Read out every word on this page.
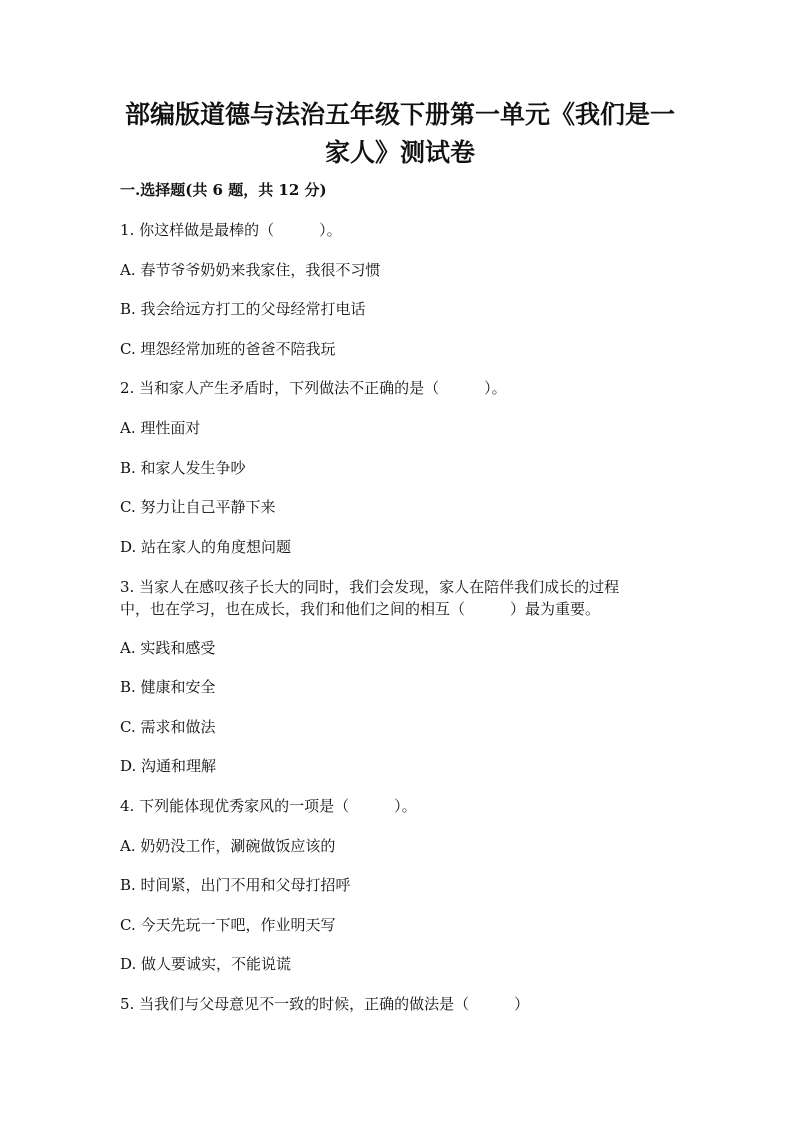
部编版道德与法治五年级下册第一单元《我们是一
家人》测试卷

一.选择题(共 6 题，共 12 分)

1. 你这样做是最棒的（　　　）。

A. 春节爷爷奶奶来我家住，我很不习惯

B. 我会给远方打工的父母经常打电话

C. 埋怨经常加班的爸爸不陪我玩

2. 当和家人产生矛盾时，下列做法不正确的是（　　　）。

A. 理性面对

B. 和家人发生争吵

C. 努力让自己平静下来

D. 站在家人的角度想问题

3. 当家人在感叹孩子长大的同时，我们会发现，家人在陪伴我们成长的过程

中，也在学习，也在成长，我们和他们之间的相互（　　　）最为重要。

A. 实践和感受

B. 健康和安全

C. 需求和做法

D. 沟通和理解

4. 下列能体现优秀家风的一项是（　　　）。

A. 奶奶没工作，涮碗做饭应该的

B. 时间紧，出门不用和父母打招呼

C. 今天先玩一下吧，作业明天写

D. 做人要诚实，不能说谎

5. 当我们与父母意见不一致的时候，正确的做法是（　　　）
